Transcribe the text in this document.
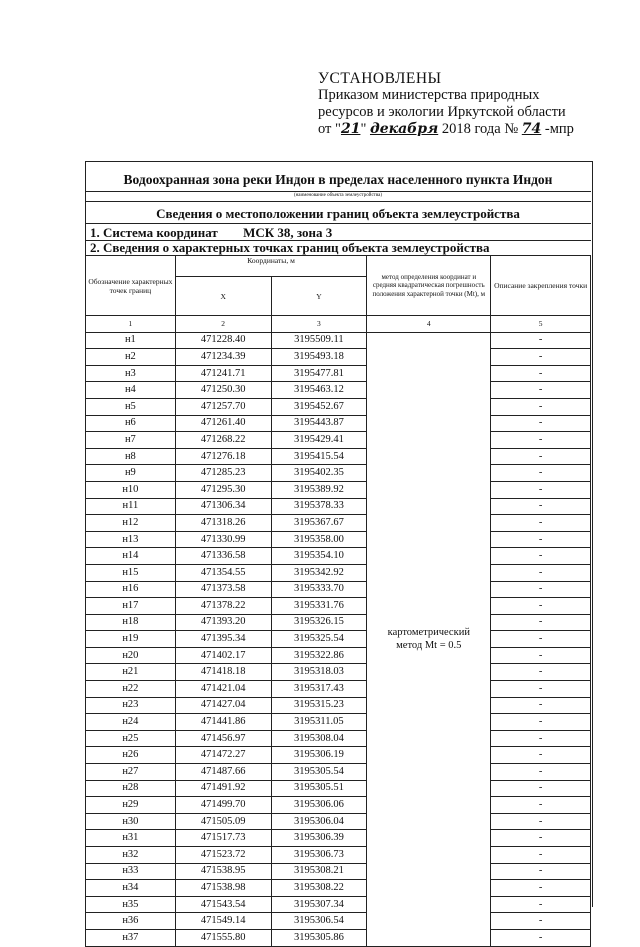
УСТАНОВЛЕНЫ
Приказом министерства природных
ресурсов и экологии Иркутской области
от "21" декабря 2018 года № 74 -мпр
Водоохранная зона реки Индон в пределах населенного пункта Индон
(наименование объекта землеустройства)
Сведения о местоположении границ объекта землеустройства
1. Система координат МСК 38, зона 3
2. Сведения о характерных точках границ объекта землеустройства
Обозначение характерных точек границ	Координаты, м		метод определения координат и средняя квадратическая погрешность положения характерной точки (Mt), м	Описание закрепления точки
	X	Y		
1	2	3	4	5
н1	471228.40	3195509.11	картометрический метод Mt = 0.5	-
н2	471234.39	3195493.18		-
н3	471241.71	3195477.81		-
н4	471250.30	3195463.12		-
н5	471257.70	3195452.67		-
н6	471261.40	3195443.87		-
н7	471268.22	3195429.41		-
н8	471276.18	3195415.54		-
н9	471285.23	3195402.35		-
н10	471295.30	3195389.92		-
н11	471306.34	3195378.33		-
н12	471318.26	3195367.67		-
н13	471330.99	3195358.00		-
н14	471336.58	3195354.10		-
н15	471354.55	3195342.92		-
н16	471373.58	3195333.70		-
н17	471378.22	3195331.76		-
н18	471393.20	3195326.15		-
н19	471395.34	3195325.54		-
н20	471402.17	3195322.86		-
н21	471418.18	3195318.03		-
н22	471421.04	3195317.43		-
н23	471427.04	3195315.23		-
н24	471441.86	3195311.05		-
н25	471456.97	3195308.04		-
н26	471472.27	3195306.19		-
н27	471487.66	3195305.54		-
н28	471491.92	3195305.51		-
н29	471499.70	3195306.06		-
н30	471505.09	3195306.04		-
н31	471517.73	3195306.39		-
н32	471523.72	3195306.73		-
н33	471538.95	3195308.21		-
н34	471538.98	3195308.22		-
н35	471543.54	3195307.34		-
н36	471549.14	3195306.54		-
н37	471555.80	3195305.86		-
